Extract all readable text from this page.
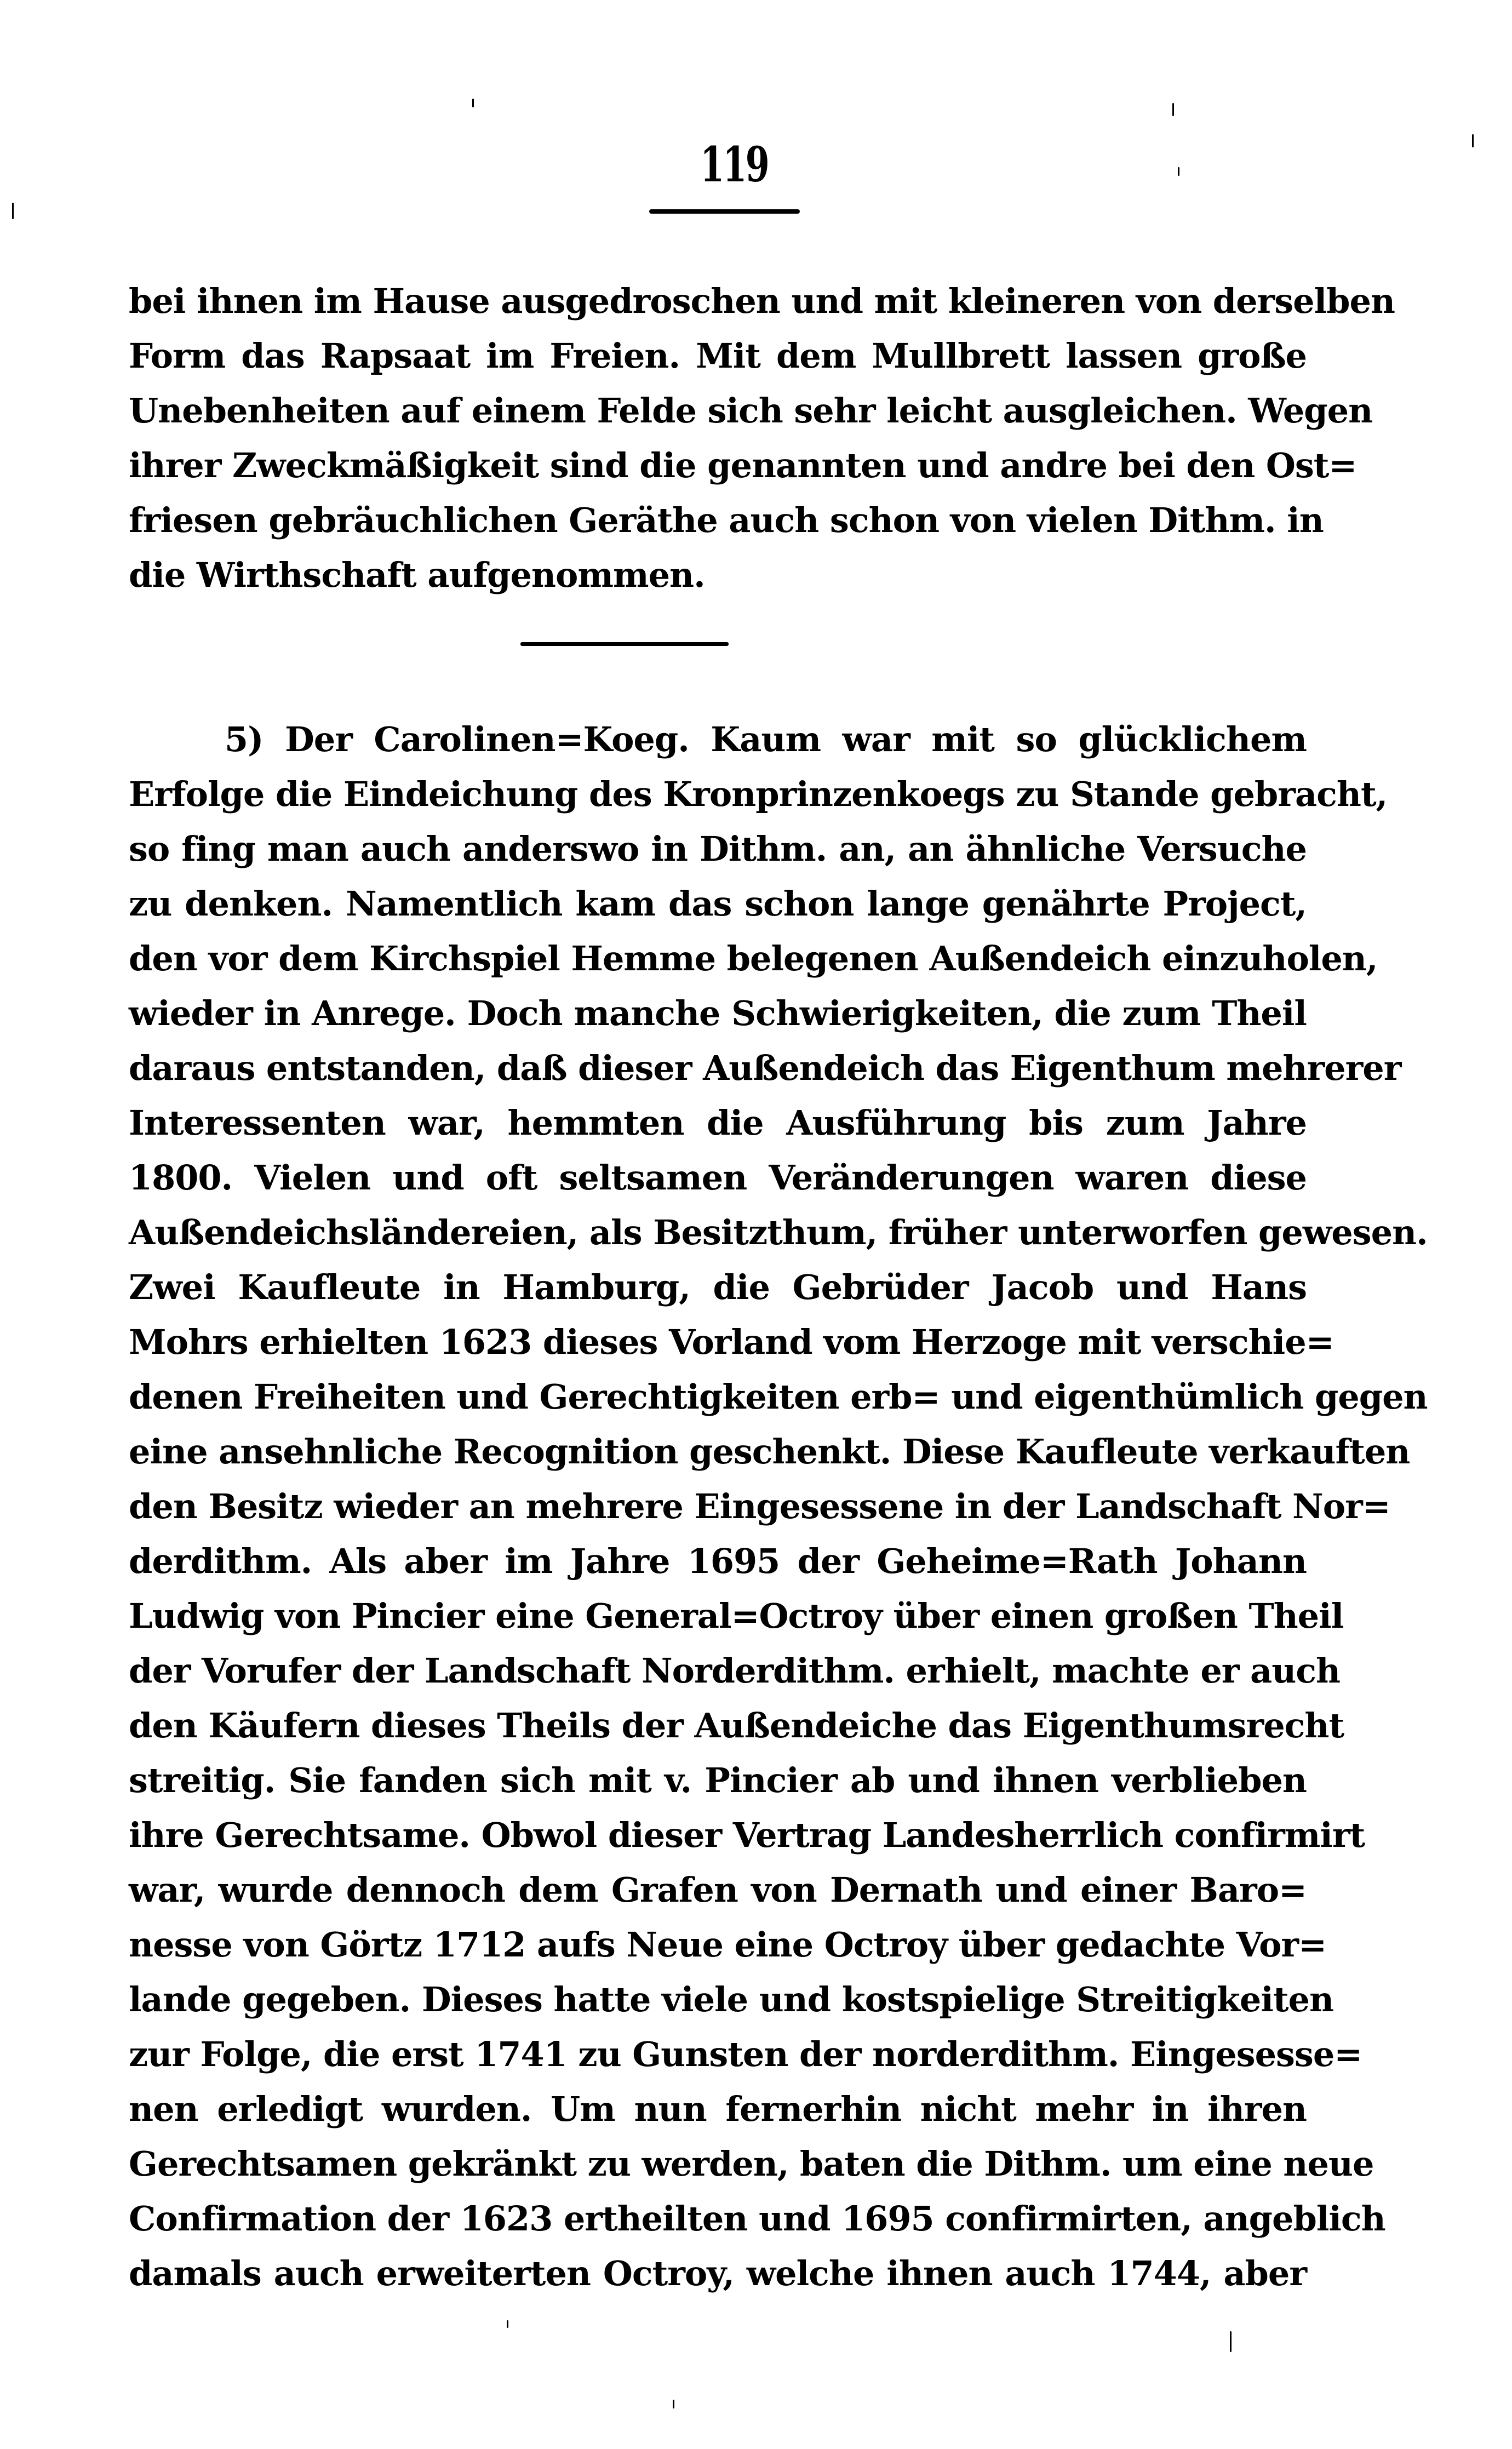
119
bei ihnen im Hause ausgedroschen und mit kleineren von derselben
Form das Rapsaat im Freien. Mit dem Mullbrett lassen große
Unebenheiten auf einem Felde sich sehr leicht ausgleichen. Wegen
ihrer Zweckmäßigkeit sind die genannten und andre bei den Ost=
friesen gebräuchlichen Geräthe auch schon von vielen Dithm. in
die Wirthschaft aufgenommen.
5) Der Carolinen=Koeg. Kaum war mit so glücklichem
Erfolge die Eindeichung des Kronprinzenkoegs zu Stande gebracht,
so fing man auch anderswo in Dithm. an, an ähnliche Versuche
zu denken. Namentlich kam das schon lange genährte Project,
den vor dem Kirchspiel Hemme belegenen Außendeich einzuholen,
wieder in Anrege. Doch manche Schwierigkeiten, die zum Theil
daraus entstanden, daß dieser Außendeich das Eigenthum mehrerer
Interessenten war, hemmten die Ausführung bis zum Jahre
1800. Vielen und oft seltsamen Veränderungen waren diese
Außendeichsländereien, als Besitzthum, früher unterworfen gewesen.
Zwei Kaufleute in Hamburg, die Gebrüder Jacob und Hans
Mohrs erhielten 1623 dieses Vorland vom Herzoge mit verschie=
denen Freiheiten und Gerechtigkeiten erb= und eigenthümlich gegen
eine ansehnliche Recognition geschenkt. Diese Kaufleute verkauften
den Besitz wieder an mehrere Eingesessene in der Landschaft Nor=
derdithm. Als aber im Jahre 1695 der Geheime=Rath Johann
Ludwig von Pincier eine General=Octroy über einen großen Theil
der Vorufer der Landschaft Norderdithm. erhielt, machte er auch
den Käufern dieses Theils der Außendeiche das Eigenthumsrecht
streitig. Sie fanden sich mit v. Pincier ab und ihnen verblieben
ihre Gerechtsame. Obwol dieser Vertrag Landesherrlich confirmirt
war, wurde dennoch dem Grafen von Dernath und einer Baro=
nesse von Görtz 1712 aufs Neue eine Octroy über gedachte Vor=
lande gegeben. Dieses hatte viele und kostspielige Streitigkeiten
zur Folge, die erst 1741 zu Gunsten der norderdithm. Eingesesse=
nen erledigt wurden. Um nun fernerhin nicht mehr in ihren
Gerechtsamen gekränkt zu werden, baten die Dithm. um eine neue
Confirmation der 1623 ertheilten und 1695 confirmirten, angeblich
damals auch erweiterten Octroy, welche ihnen auch 1744, aber
